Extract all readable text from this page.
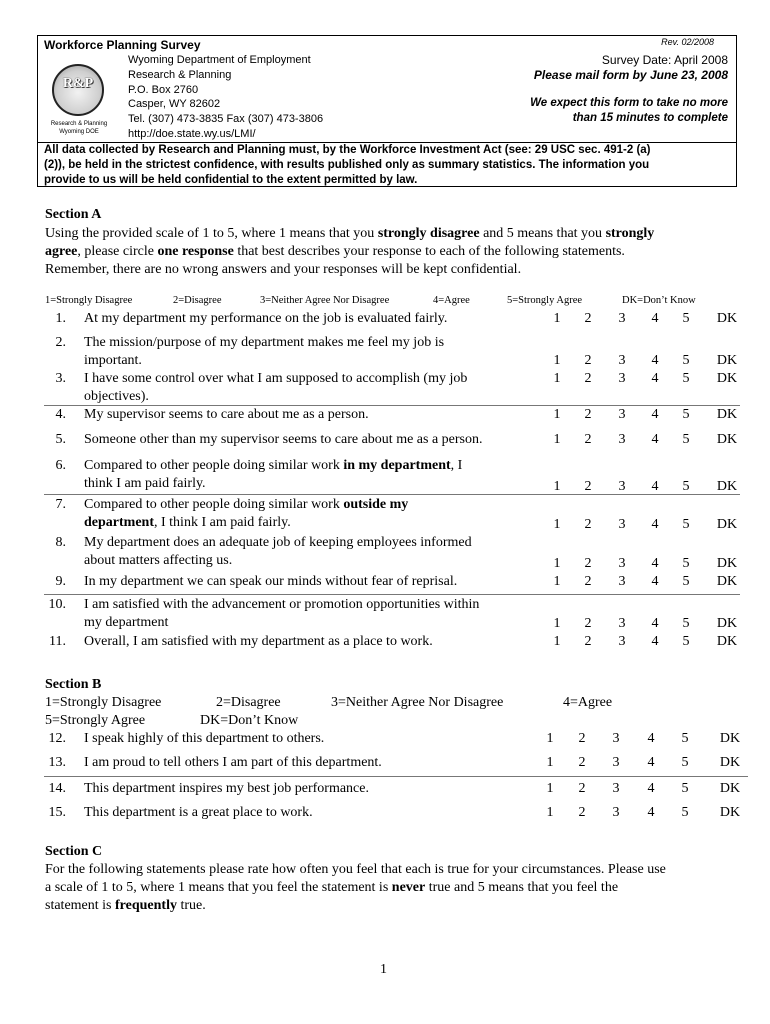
Workforce Planning Survey	Rev. 02/2008
R&P
Research & Planning
Wyoming DOE
Wyoming Department of Employment
Research & Planning
P.O. Box 2760
Casper, WY 82602
Tel. (307) 473-3835 Fax (307) 473-3806
http://doe.state.wy.us/LMI/
Survey Date: April 2008
Please mail form by June 23, 2008
We expect this form to take no more
than 15 minutes to complete
All data collected by Research and Planning must, by the Workforce Investment Act (see: 29 USC sec. 491-2 (a)
(2)), be held in the strictest confidence, with results published only as summary statistics. The information you
provide to us will be held confidential to the extent permitted by law.
Section A
Using the provided scale of 1 to 5, where 1 means that you strongly disagree and 5 means that you strongly
agree, please circle one response that best describes your response to each of the following statements.
Remember, there are no wrong answers and your responses will be kept confidential.
1=Strongly Disagree	2=Disagree	3=Neither Agree Nor Disagree	4=Agree	5=Strongly Agree	DK=Don’t Know
1. At my department my performance on the job is evaluated fairly.	1 2 3 4 5 DK
2. The mission/purpose of my department makes me feel my job is
important.	1 2 3 4 5 DK
3. I have some control over what I am supposed to accomplish (my job
objectives).
1 2 3 4 5 DK
4. My supervisor seems to care about me as a person.	1 2 3 4 5 DK
5. Someone other than my supervisor seems to care about me as a person.	1 2 3 4 5 DK
6. Compared to other people doing similar work in my department, I
think I am paid fairly.	1 2 3 4 5 DK
7. Compared to other people doing similar work outside my
department, I think I am paid fairly.	1 2 3 4 5 DK
8. My department does an adequate job of keeping employees informed
about matters affecting us.	1 2 3 4 5 DK
9. In my department we can speak our minds without fear of reprisal.	1 2 3 4 5 DK
10. I am satisfied with the advancement or promotion opportunities within
my department	1 2 3 4 5 DK
11. Overall, I am satisfied with my department as a place to work.	1 2 3 4 5 DK
Section B
1=Strongly Disagree	2=Disagree	3=Neither Agree Nor Disagree	4=Agree
5=Strongly Agree	DK=Don’t Know
12. I speak highly of this department to others.	1 2 3 4 5 DK
13. I am proud to tell others I am part of this department.	1 2 3 4 5 DK
14. This department inspires my best job performance.	1 2 3 4 5 DK
15. This department is a great place to work.	1 2 3 4 5 DK
Section C
For the following statements please rate how often you feel that each is true for your circumstances. Please use
a scale of 1 to 5, where 1 means that you feel the statement is never true and 5 means that you feel the
statement is frequently true.
1
